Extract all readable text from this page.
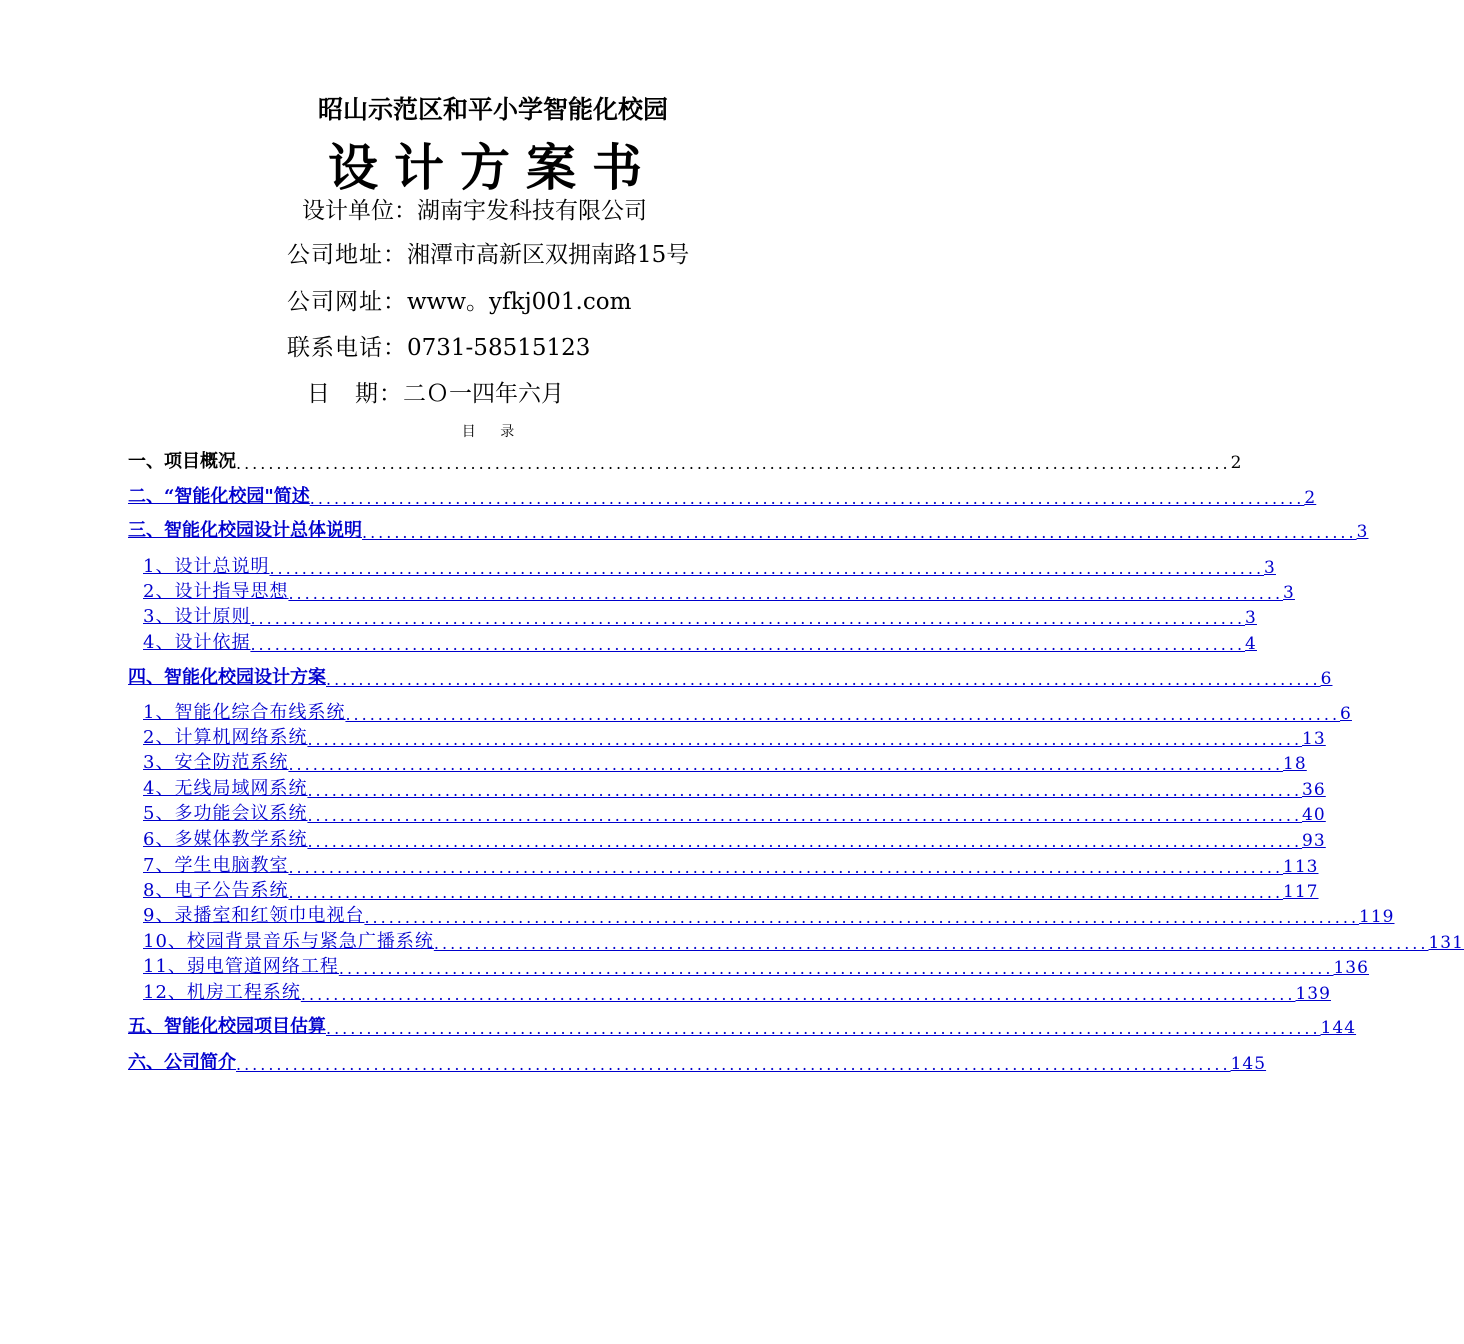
昭山示范区和平小学智能化校园
设计方案书
设计单位：湖南宇发科技有限公司
公司地址：湘潭市高新区双拥南路15号
公司网址：www。yfkj001.com
联系电话：0731-58515123
日　期：二Ｏ一四年六月
目 录
一、项目概况 ........................................................................................................................... 2
二、“智能化校园"简述 ........................................................................................................................... 2
三、智能化校园设计总体说明 ........................................................................................................................... 3
1、设计总说明 ........................................................................................................................... 3
2、设计指导思想 ........................................................................................................................... 3
3、设计原则 ........................................................................................................................... 3
4、设计依据 ........................................................................................................................... 4
四、智能化校园设计方案 ........................................................................................................................... 6
1、智能化综合布线系统 ........................................................................................................................... 6
2、计算机网络系统 ........................................................................................................................... 13
3、安全防范系统 ........................................................................................................................... 18
4、无线局域网系统 ........................................................................................................................... 36
5、多功能会议系统 ........................................................................................................................... 40
6、多媒体教学系统 ........................................................................................................................... 93
7、学生电脑教室 ........................................................................................................................... 113
8、电子公告系统 ........................................................................................................................... 117
9、录播室和红领巾电视台 ........................................................................................................................... 119
10、校园背景音乐与紧急广播系统 ........................................................................................................................... 131
11、弱电管道网络工程 ........................................................................................................................... 136
12、机房工程系统 ........................................................................................................................... 139
五、智能化校园项目估算 ........................................................................................................................... 144
六、公司简介 ........................................................................................................................... 145
